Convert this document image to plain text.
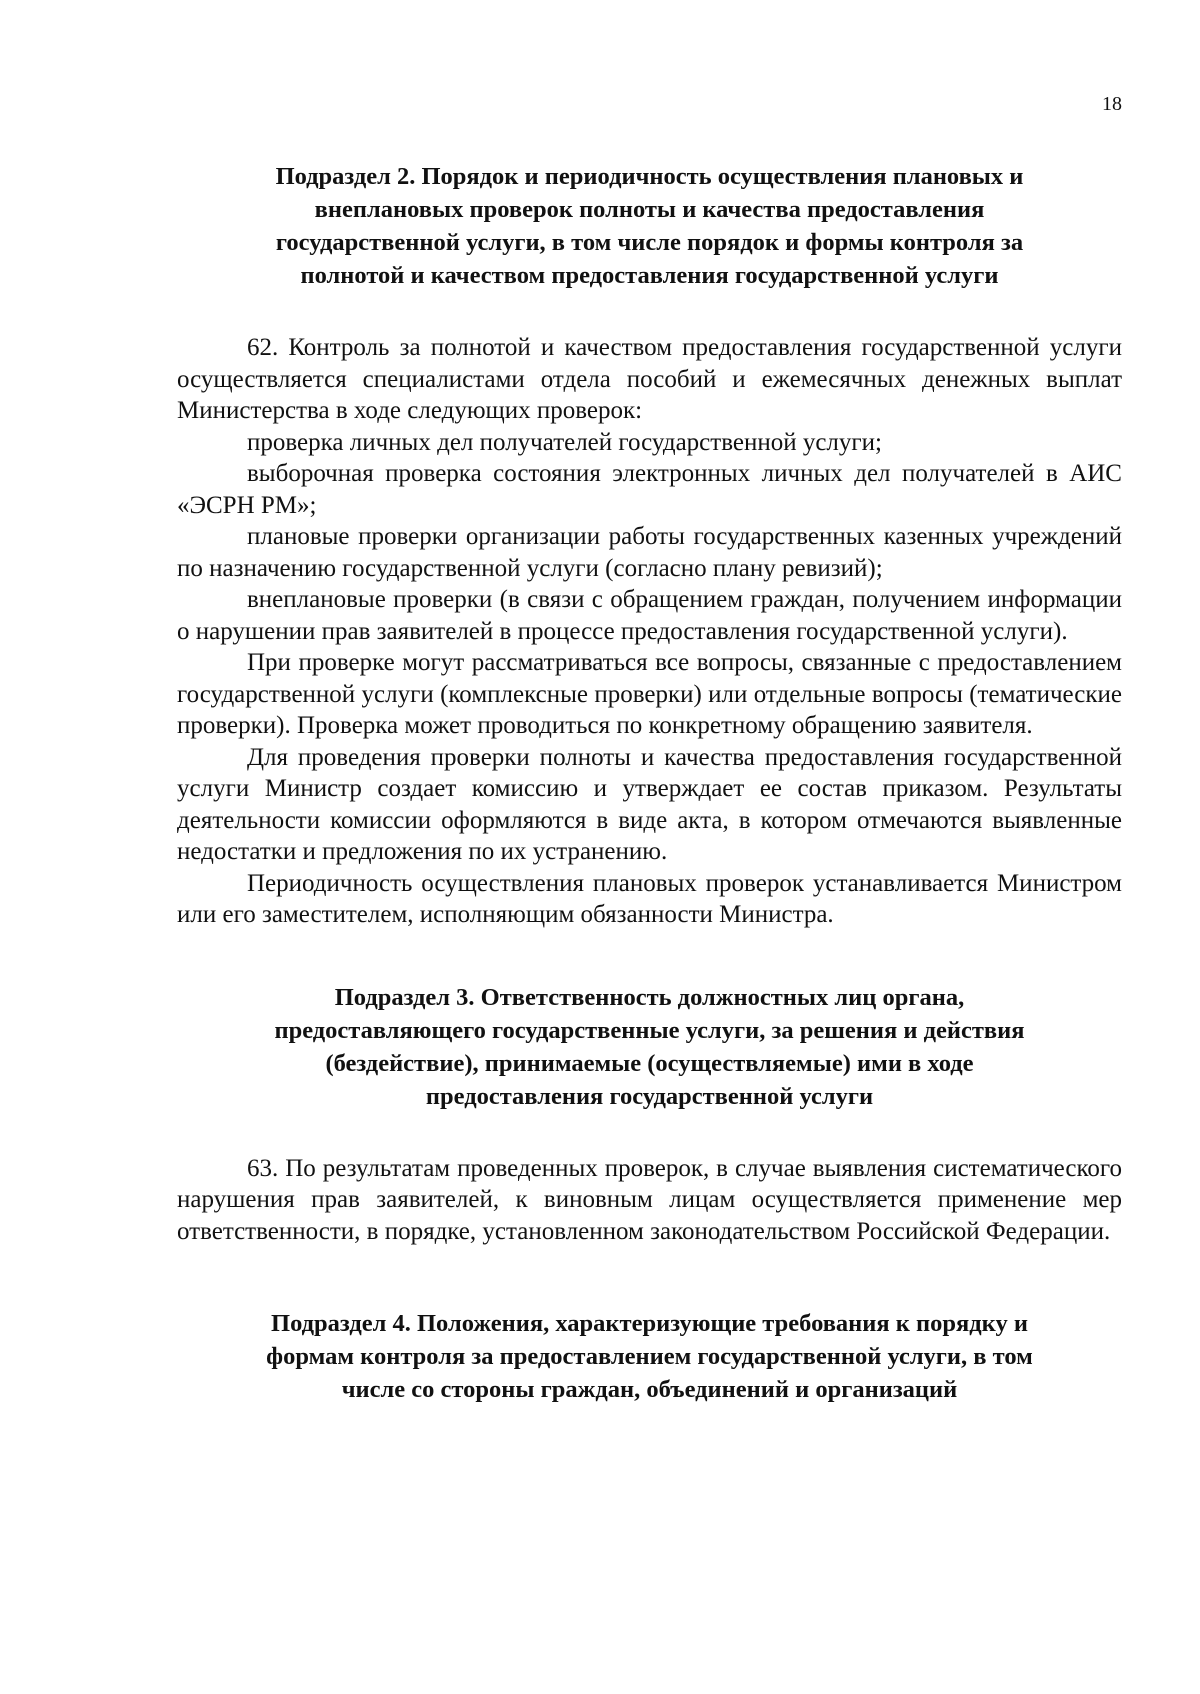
18
Подраздел 2. Порядок и периодичность осуществления плановых и
внеплановых проверок полноты и качества предоставления
государственной услуги, в том числе порядок и формы контроля за
полнотой и качеством предоставления государственной услуги

62. Контроль за полнотой и качеством предоставления государственной услуги осуществляется специалистами отдела пособий и ежемесячных денежных выплат Министерства в ходе следующих проверок:

проверка личных дел получателей государственной услуги;

выборочная проверка состояния электронных личных дел получателей в АИС «ЭСРН РМ»;

плановые проверки организации работы государственных казенных учреждений по назначению государственной услуги (согласно плану ревизий);

внеплановые проверки (в связи с обращением граждан, получением информации о нарушении прав заявителей в процессе предоставления государственной услуги).

При проверке могут рассматриваться все вопросы, связанные с предоставлением государственной услуги (комплексные проверки) или отдельные вопросы (тематические проверки). Проверка может проводиться по конкретному обращению заявителя.

Для проведения проверки полноты и качества предоставления государственной услуги Министр создает комиссию и утверждает ее состав приказом. Результаты деятельности комиссии оформляются в виде акта, в котором отмечаются выявленные недостатки и предложения по их устранению.

Периодичность осуществления плановых проверок устанавливается Министром или его заместителем, исполняющим обязанности Министра.

Подраздел 3. Ответственность должностных лиц органа,
предоставляющего государственные услуги, за решения и действия
(бездействие), принимаемые (осуществляемые) ими в ходе
предоставления государственной услуги

63. По результатам проведенных проверок, в случае выявления систематического нарушения прав заявителей, к виновным лицам осуществляется применение мер ответственности, в порядке, установленном законодательством Российской Федерации.

Подраздел 4. Положения, характеризующие требования к порядку и
формам контроля за предоставлением государственной услуги, в том
числе со стороны граждан, объединений и организаций
